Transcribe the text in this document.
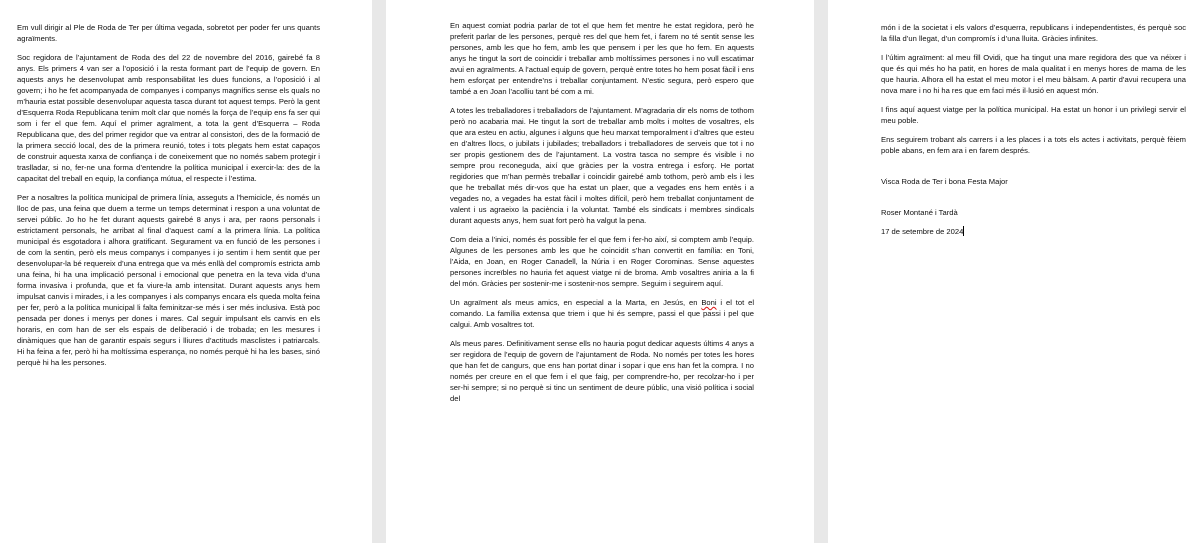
Em vull dirigir al Ple de Roda de Ter per última vegada, sobretot per poder fer uns quants agraïments.

Soc regidora de l’ajuntament de Roda des del 22 de novembre del 2016, gairebé fa 8 anys. Els primers 4 van ser a l’oposició i la resta formant part de l’equip de govern. En aquests anys he desenvolupat amb responsabilitat les dues funcions, a l’oposició i al govern; i ho he fet acompanyada de companyes i companys magnífics sense els quals no m’hauria estat possible desenvolupar aquesta tasca durant tot aquest temps. Però la gent d’Esquerra Roda Republicana tenim molt clar que només la força de l’equip ens fa ser qui som i fer el que fem. Aquí el primer agraïment, a tota la gent d’Esquerra – Roda Republicana que, des del primer regidor que va entrar al consistori, des de la formació de la primera secció local, des de la primera reunió, totes i tots plegats hem estat capaços de construir aquesta xarxa de confiança i de coneixement que no només sabem protegir i traslladar, si no, fer-ne una forma d’entendre la política municipal i exercir-la: des de la capacitat del treball en equip, la confiança mútua, el respecte i l’estima.

Per a nosaltres la política municipal de primera línia, asseguts a l’hemicicle, és només un lloc de pas, una feina que duem a terme un temps determinat i respon a una voluntat de servei públic. Jo ho he fet durant aquests gairebé 8 anys i ara, per raons personals i estrictament personals, he arribat al final d’aquest camí a la primera línia. La política municipal és esgotadora i alhora gratificant. Segurament va en funció de les persones i de com la sentin, però els meus companys i companyes i jo sentim i hem sentit que per desenvolupar-la bé requereix d’una entrega que va més enllà del compromís estricta amb una feina, hi ha una implicació personal i emocional que penetra en la teva vida d’una forma invasiva i profunda, que et fa viure-la amb intensitat. Durant aquests anys hem impulsat canvis i mirades, i a les companyes i als companys encara els queda molta feina per fer, però a la política municipal li falta feminitzar-se més i ser més inclusiva. Està poc pensada per dones i menys per dones i mares. Cal seguir impulsant els canvis en els horaris, en com han de ser els espais de deliberació i de trobada; en les mesures i dinàmiques que han de garantir espais segurs i lliures d’actituds masclistes i patriarcals. Hi ha feina a fer, però hi ha moltíssima esperança, no només perquè hi ha les bases, sinó perquè hi ha les persones.

En aquest comiat podria parlar de tot el que hem fet mentre he estat regidora, però he preferit parlar de les persones, perquè res del que hem fet, i farem no té sentit sense les persones, amb les que ho fem, amb les que pensem i per les que ho fem. En aquests anys he tingut la sort de coincidir i treballar amb moltíssimes persones i no vull escatimar avui en agraïments. A l’actual equip de govern, perquè entre totes ho hem posat fàcil i ens hem esforçat per entendre’ns i treballar conjuntament. N’estic segura, però espero que també a en Joan l’acolliu tant bé com a mi.

A totes les treballadores i treballadors de l’ajuntament. M’agradaria dir els noms de tothom però no acabaria mai. He tingut la sort de treballar amb molts i moltes de vosaltres, els que ara esteu en actiu, algunes i alguns que heu marxat temporalment i d’altres que esteu en d’altres llocs, o jubilats i jubilades; treballadors i treballadores de serveis que tot i no ser propis gestionem des de l’ajuntament. La vostra tasca no sempre és visible i no sempre prou reconeguda, així que gràcies per la vostra entrega i esforç. He portat regidories que m’han permès treballar i coincidir gairebé amb tothom, però amb els i les que he treballat més dir-vos que ha estat un plaer, que a vegades ens hem entès i a vegades no, a vegades ha estat fàcil i moltes difícil, però hem treballat conjuntament de valent i us agraeixo la paciència i la voluntat. També els sindicats i membres sindicals durant aquests anys, hem suat fort però ha valgut la pena.

Com deia a l’inici, només és possible fer el que fem i fer-ho així, si comptem amb l’equip. Algunes de les persones amb les que he coincidit s’han convertit en família: en Toni, l’Aida, en Joan, en Roger Canadell, la Núria i en Roger Corominas. Sense aquestes persones increïbles no hauria fet aquest viatge ni de broma. Amb vosaltres aniria a la fi del món. Gràcies per sostenir-me i sostenir-nos sempre. Seguim i seguirem aquí.

Un agraïment als meus amics, en especial a la Marta, en Jesús, en Boni i el tot el comando. La família extensa que triem i que hi és sempre, passi el que passi i pel que calgui. Amb vosaltres tot.

Als meus pares. Definitivament sense ells no hauria pogut dedicar aquests últims 4 anys a ser regidora de l’equip de govern de l’ajuntament de Roda. No només per totes les hores que han fet de cangurs, que ens han portat dinar i sopar i que ens han fet la compra. I no només per creure en el que fem i el que faig, per comprendre-ho, per recolzar-ho i per ser-hi sempre; si no perquè si tinc un sentiment de deure públic, una visió política i social del

món i de la societat i els valors d’esquerra, republicans i independentistes, és perquè soc la filla d’un llegat, d’un compromís i d’una lluita. Gràcies infinites.

I l’últim agraïment: al meu fill Ovidi, que ha tingut una mare regidora des que va néixer i que és qui més ho ha patit, en hores de mala qualitat i en menys hores de mama de les que hauria. Alhora ell ha estat el meu motor i el meu bàlsam. A partir d’avui recupera una nova mare i no hi ha res que em faci més il·lusió en aquest món.

I fins aquí aquest viatge per la política municipal. Ha estat un honor i un privilegi servir el meu poble.

Ens seguirem trobant als carrers i a les places i a tots els actes i activitats, perquè fèiem poble abans, en fem ara i en farem després.

Visca Roda de Ter i bona Festa Major

Roser Montané i Tardà

17 de setembre de 2024
